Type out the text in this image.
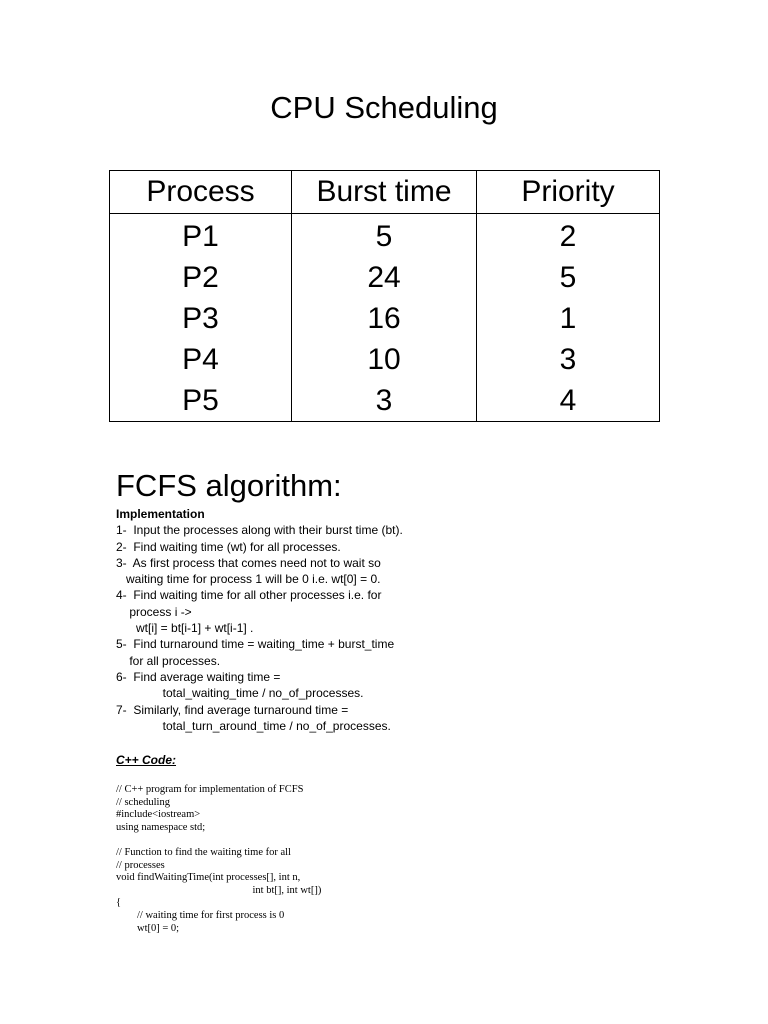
CPU Scheduling
Process	Burst time	Priority
P1	5	2
P2	24	5
P3	16	1
P4	10	3
P5	3	4
FCFS algorithm:
Implementation
1-  Input the processes along with their burst time (bt).
2-  Find waiting time (wt) for all processes.
3-  As first process that comes need not to wait so
waiting time for process 1 will be 0 i.e. wt[0] = 0.
4-  Find waiting time for all other processes i.e. for
process i ->
wt[i] = bt[i-1] + wt[i-1] .
5-  Find turnaround time = waiting_time + burst_time
for all processes.
6-  Find average waiting time =
total_waiting_time / no_of_processes.
7-  Similarly, find average turnaround time =
total_turn_around_time / no_of_processes.
C++ Code:
// C++ program for implementation of FCFS
// scheduling
#include<iostream>
using namespace std;
// Function to find the waiting time for all
// processes
void findWaitingTime(int processes[], int n,
int bt[], int wt[])
{
// waiting time for first process is 0
wt[0] = 0;
